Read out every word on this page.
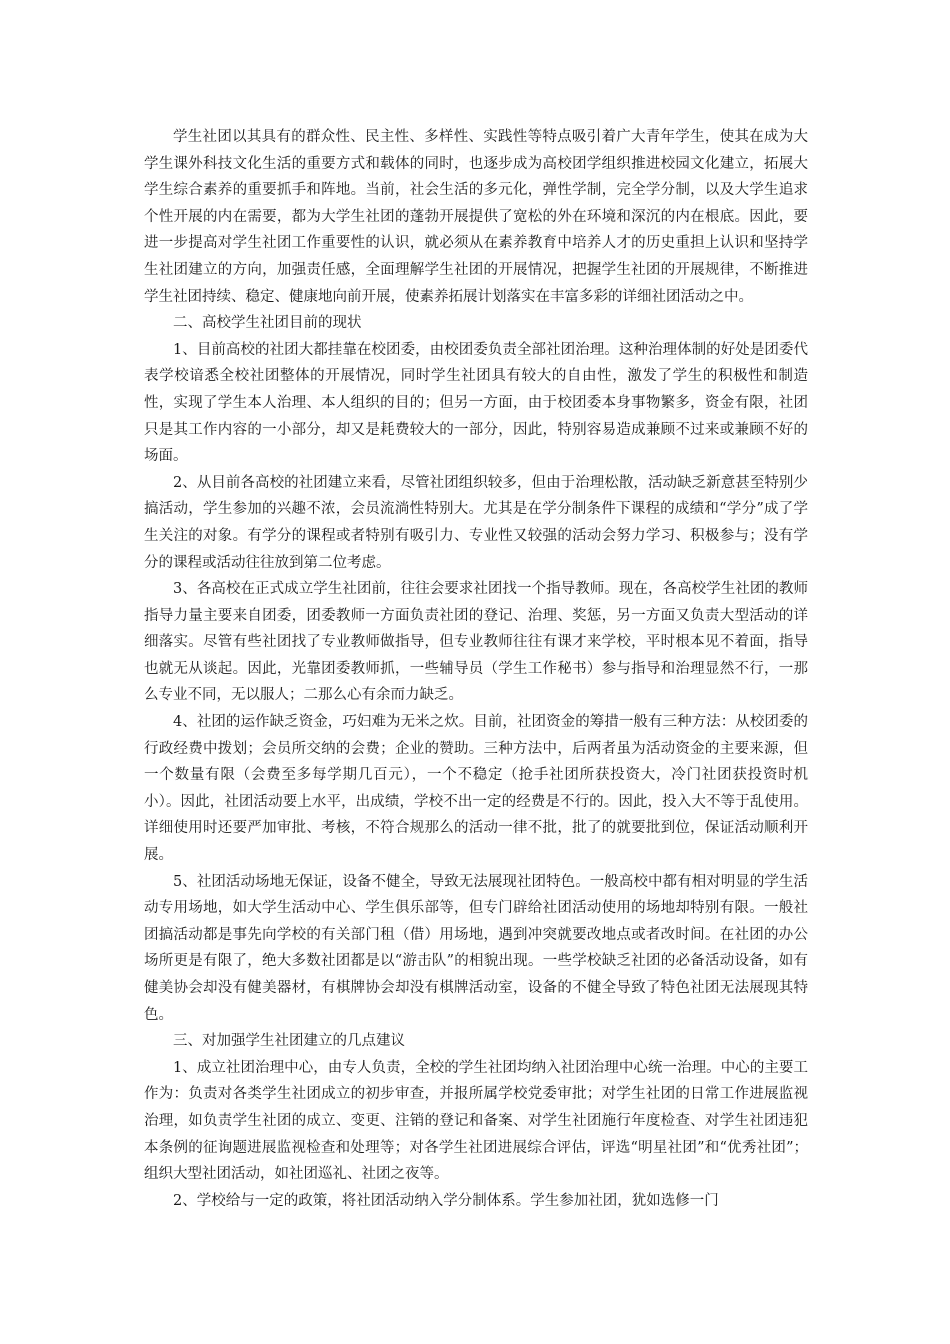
学生社团以其具有的群众性、民主性、多样性、实践性等特点吸引着广大青年学生，使其在成为大学生课外科技文化生活的重要方式和载体的同时，也逐步成为高校团学组织推进校园文化建立，拓展大学生综合素养的重要抓手和阵地。当前，社会生活的多元化，弹性学制，完全学分制，以及大学生追求个性开展的内在需要，都为大学生社团的蓬勃开展提供了宽松的外在环境和深沉的内在根底。因此，要进一步提高对学生社团工作重要性的认识，就必须从在素养教育中培养人才的历史重担上认识和坚持学生社团建立的方向，加强责任感，全面理解学生社团的开展情况，把握学生社团的开展规律，不断推进学生社团持续、稳定、健康地向前开展，使素养拓展计划落实在丰富多彩的详细社团活动之中。

二、高校学生社团目前的现状

1、目前高校的社团大都挂靠在校团委，由校团委负责全部社团治理。这种治理体制的好处是团委代表学校谙悉全校社团整体的开展情况，同时学生社团具有较大的自由性，激发了学生的积极性和制造性，实现了学生本人治理、本人组织的目的；但另一方面，由于校团委本身事物繁多，资金有限，社团只是其工作内容的一小部分，却又是耗费较大的一部分，因此，特别容易造成兼顾不过来或兼顾不好的场面。

2、从目前各高校的社团建立来看，尽管社团组织较多，但由于治理松散，活动缺乏新意甚至特别少搞活动，学生参加的兴趣不浓，会员流淌性特别大。尤其是在学分制条件下课程的成绩和“学分”成了学生关注的对象。有学分的课程或者特别有吸引力、专业性又较强的活动会努力学习、积极参与；没有学分的课程或活动往往放到第二位考虑。

3、各高校在正式成立学生社团前，往往会要求社团找一个指导教师。现在，各高校学生社团的教师指导力量主要来自团委，团委教师一方面负责社团的登记、治理、奖惩，另一方面又负责大型活动的详细落实。尽管有些社团找了专业教师做指导，但专业教师往往有课才来学校，平时根本见不着面，指导也就无从谈起。因此，光靠团委教师抓，一些辅导员（学生工作秘书）参与指导和治理显然不行，一那么专业不同，无以服人；二那么心有余而力缺乏。

4、社团的运作缺乏资金，巧妇难为无米之炊。目前，社团资金的筹措一般有三种方法：从校团委的行政经费中拨划；会员所交纳的会费；企业的赞助。三种方法中，后两者虽为活动资金的主要来源，但一个数量有限（会费至多每学期几百元），一个不稳定（抢手社团所获投资大，冷门社团获投资时机小）。因此，社团活动要上水平，出成绩，学校不出一定的经费是不行的。因此，投入大不等于乱使用。详细使用时还要严加审批、考核，不符合规那么的活动一律不批，批了的就要批到位，保证活动顺利开展。

5、社团活动场地无保证，设备不健全，导致无法展现社团特色。一般高校中都有相对明显的学生活动专用场地，如大学生活动中心、学生俱乐部等，但专门辟给社团活动使用的场地却特别有限。一般社团搞活动都是事先向学校的有关部门租（借）用场地，遇到冲突就要改地点或者改时间。在社团的办公场所更是有限了，绝大多数社团都是以“游击队”的相貌出现。一些学校缺乏社团的必备活动设备，如有健美协会却没有健美器材，有棋牌协会却没有棋牌活动室，设备的不健全导致了特色社团无法展现其特色。

三、对加强学生社团建立的几点建议

1、成立社团治理中心，由专人负责，全校的学生社团均纳入社团治理中心统一治理。中心的主要工作为：负责对各类学生社团成立的初步审查，并报所属学校党委审批；对学生社团的日常工作进展监视治理，如负责学生社团的成立、变更、注销的登记和备案、对学生社团施行年度检查、对学生社团违犯本条例的征询题进展监视检查和处理等；对各学生社团进展综合评估，评选“明星社团”和“优秀社团”；组织大型社团活动，如社团巡礼、社团之夜等。

2、学校给与一定的政策，将社团活动纳入学分制体系。学生参加社团，犹如选修一门
